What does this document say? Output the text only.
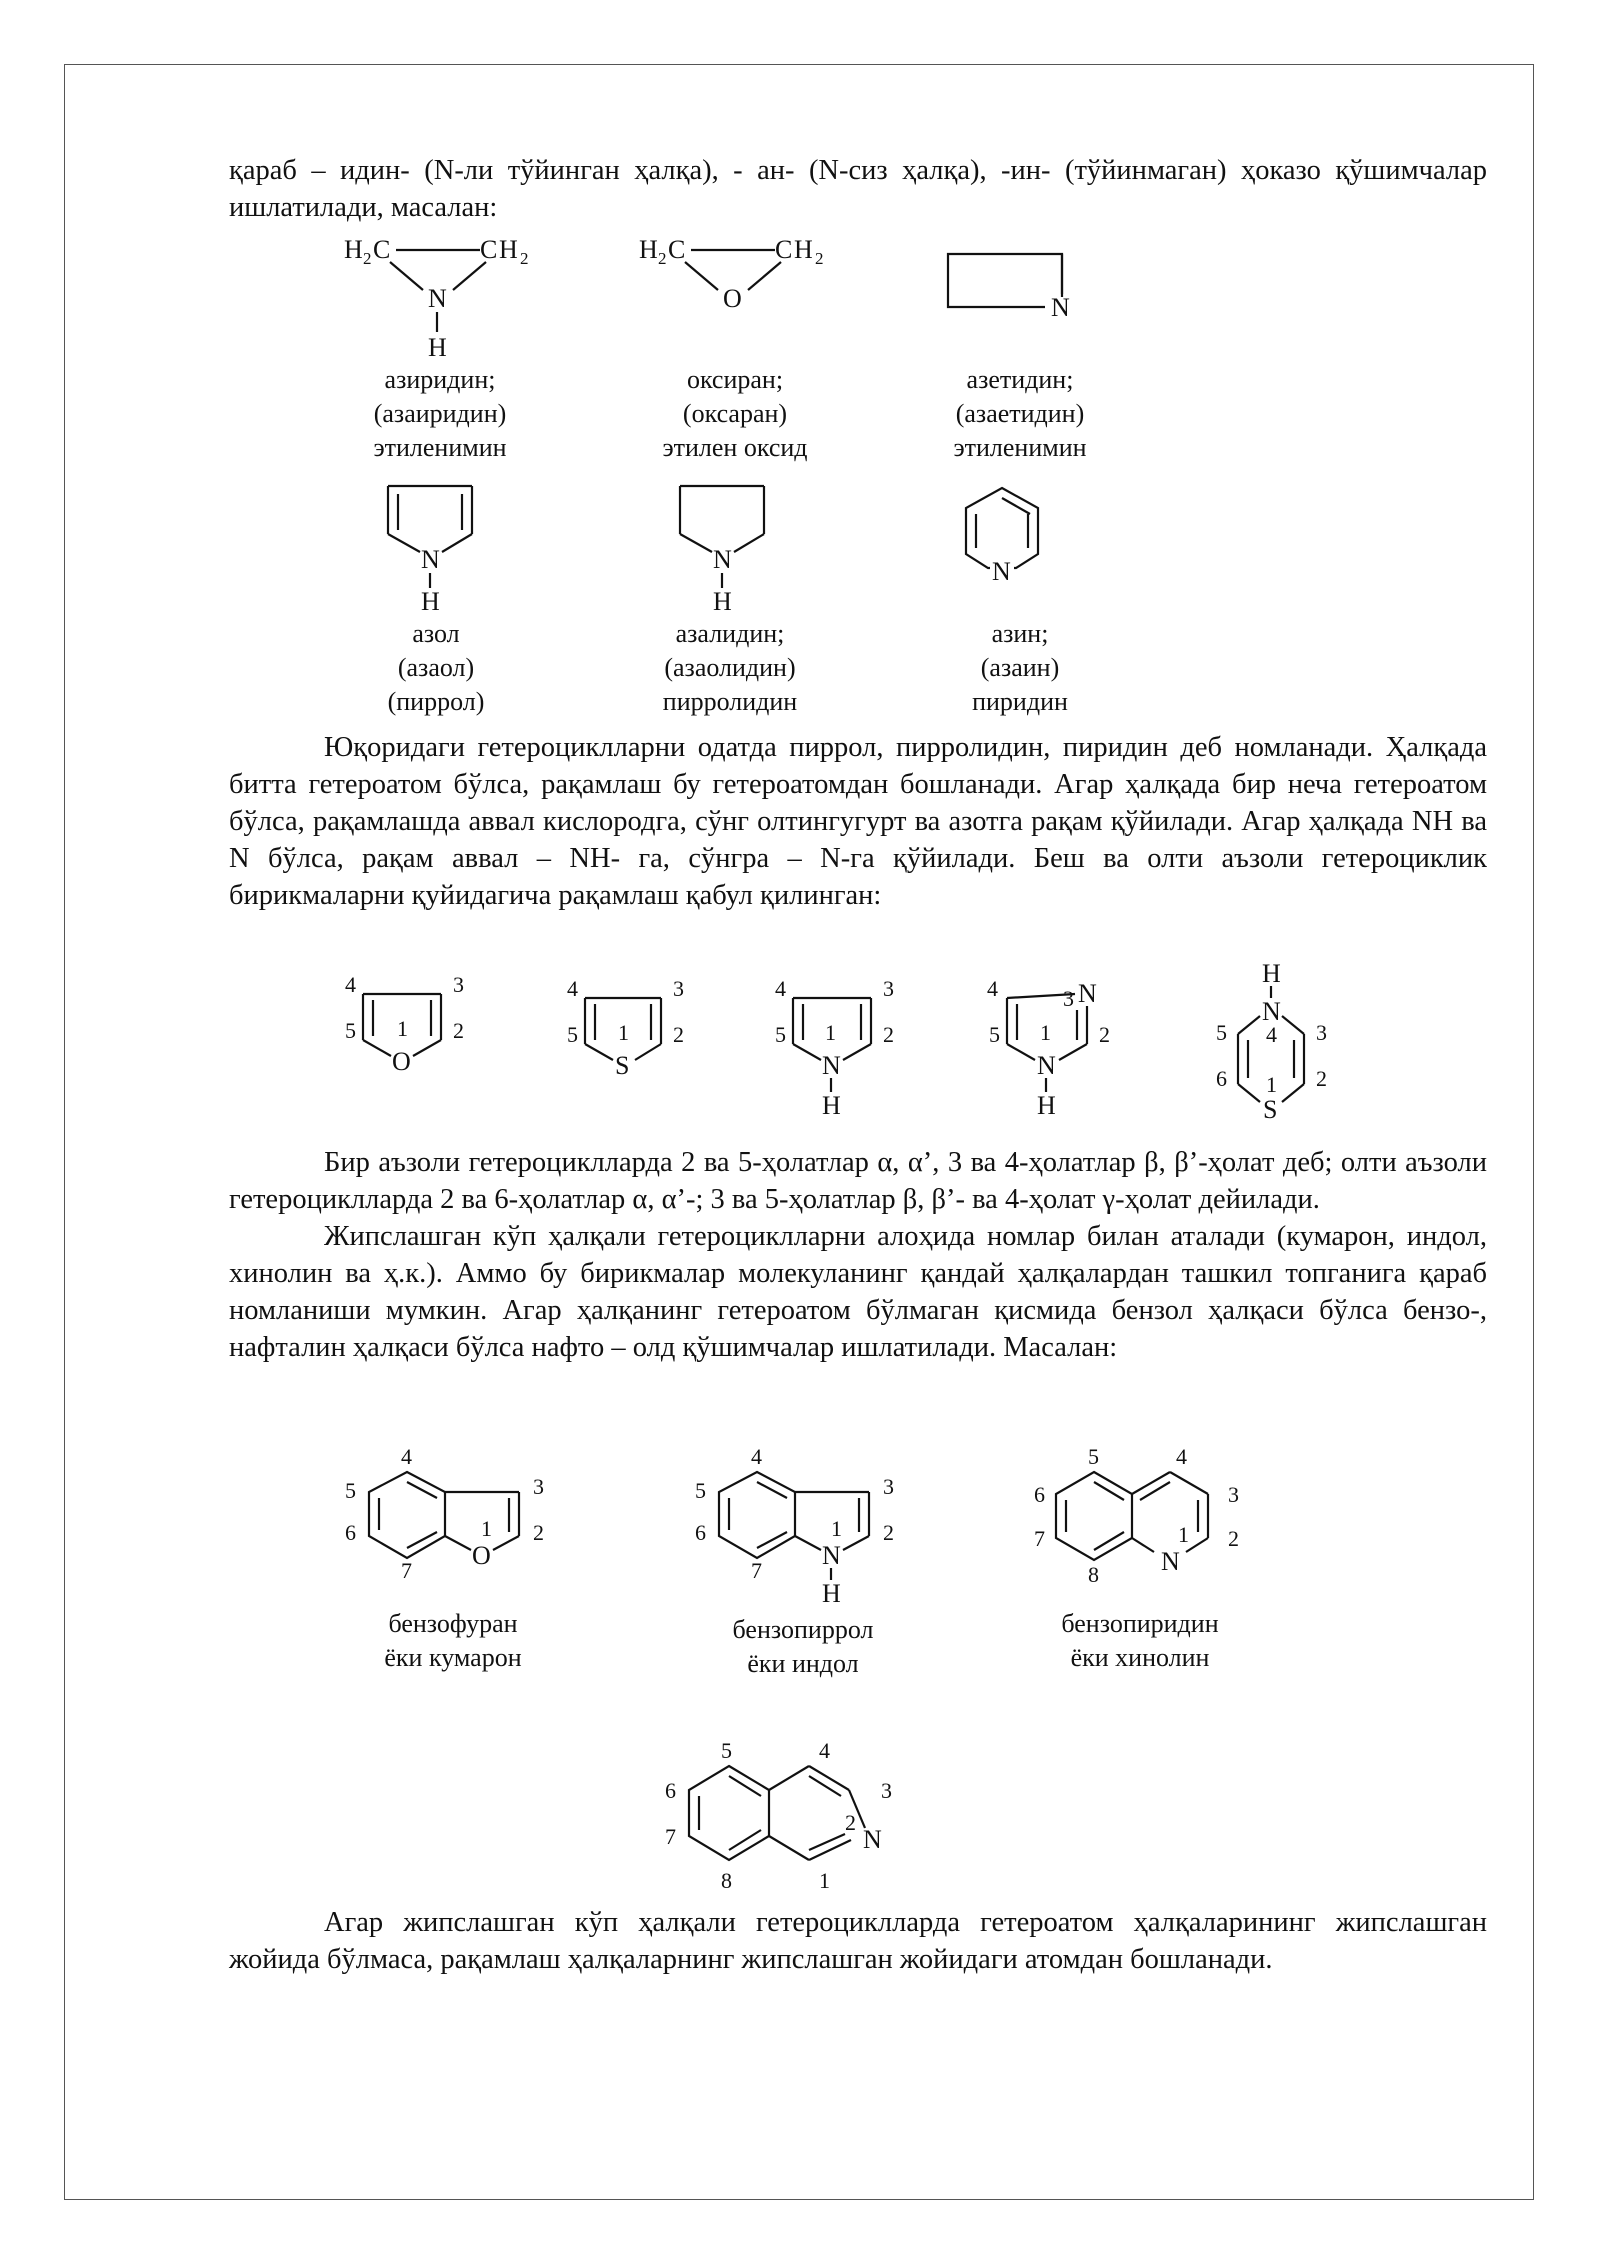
қараб – идин- (N-ли тўйинган ҳалқа), - ан- (N-сиз ҳалқа), -ин- (тўйинмаган) ҳоказо қўшимчалар ишлатилади, масалан:

H 2 C	C H 2
N
H
азиридин;
(азаиридин)
этиленимин
H 2 C	C H 2
O
оксиран;
(оксаран)
этилен оксид
N
азетидин;
(азаетидин)
этиленимин
N
H
азол
(азаол)
(пиррол)
N
H
азалидин;
(азаолидин)
пирролидин
N
азин;
(азаин)
пиридин

Юқоридаги гетероциклларни одатда пиррол, пирролидин, пиридин деб номланади. Ҳалқада битта гетероатом бўлса, рақамлаш бу гетероатомдан бошланади. Агар ҳалқада бир неча гетероатом бўлса, рақамлашда аввал кислородга, сўнг олтингугурт ва азотга рақам қўйилади. Агар ҳалқада NH ва N бўлса, рақам аввал – NH- га, сўнгра – N-га қўйилади. Беш ва олти аъзоли гетероциклик бирикмаларни қуйидагича рақамлаш қабул қилинган:

4	3
5 1 2
O
4	3
5 1 2
S
4	3
5 1 2
N
H
4	3 N
5 1 2
N
H
H
N
4
5	3
6	2
1
S

Бир аъзоли гетероциклларда 2 ва 5-ҳолатлар α, α’, 3 ва 4-ҳолатлар β, β’-ҳолат деб; олти аъзоли гетероциклларда 2 ва 6-ҳолатлар α, α’-; 3 ва 5-ҳолатлар β, β’- ва 4-ҳолат γ-ҳолат дейилади.

Жипслашган кўп ҳалқали гетероциклларни алоҳида номлар билан аталади (кумарон, индол, хинолин ва ҳ.к.). Аммо бу бирикмалар молекуланинг қандай ҳалқалардан ташкил топганига қараб номланиши мумкин. Агар ҳалқанинг гетероатом бўлмаган қисмида бензол ҳалқаси бўлса бензо-, нафталин ҳалқаси бўлса нафто – олд қўшимчалар ишлатилади. Масалан:

4
5
6
7
3
2
1
O
бензофуран
ёки кумарон
4
5
6
7
3
2
1
N
H
бензопиррол
ёки индол
5	4
6
7
8
3
2
1
N
бензопиридин
ёки хинолин
5	4
6
7
8	1
3
2
N

Агар жипслашган кўп ҳалқали гетероциклларда гетероатом ҳалқаларининг жипслашган жойида бўлмаса, рақамлаш ҳалқаларнинг жипслашган жойидаги атомдан бошланади.
